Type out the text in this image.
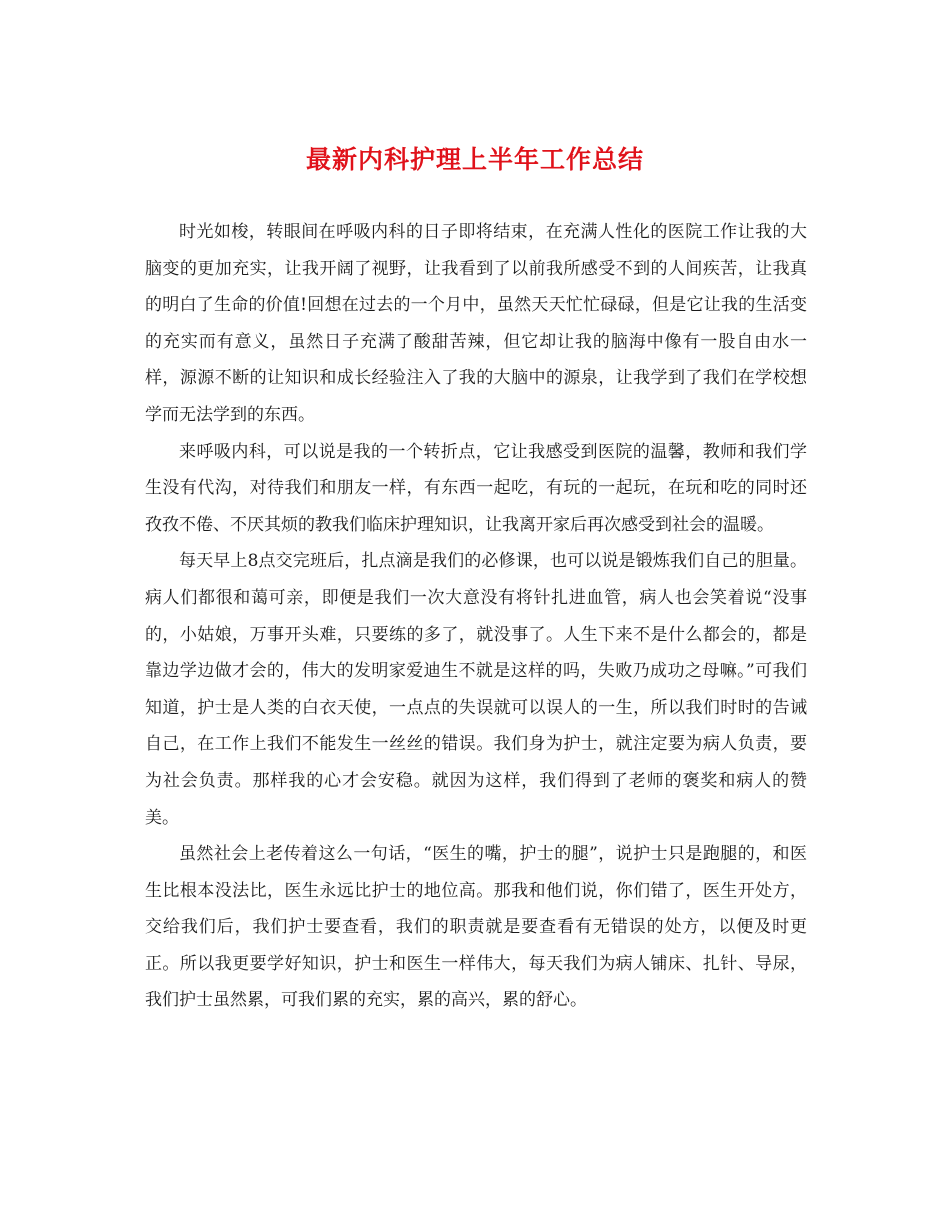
最新内科护理上半年工作总结

时光如梭，转眼间在呼吸内科的日子即将结束，在充满人性化的医院工作让我的大脑变的更加充实，让我开阔了视野，让我看到了以前我所感受不到的人间疾苦，让我真的明白了生命的价值!回想在过去的一个月中，虽然天天忙忙碌碌，但是它让我的生活变的充实而有意义，虽然日子充满了酸甜苦辣，但它却让我的脑海中像有一股自由水一样，源源不断的让知识和成长经验注入了我的大脑中的源泉，让我学到了我们在学校想学而无法学到的东西。

来呼吸内科，可以说是我的一个转折点，它让我感受到医院的温馨，教师和我们学生没有代沟，对待我们和朋友一样，有东西一起吃，有玩的一起玩，在玩和吃的同时还孜孜不倦、不厌其烦的教我们临床护理知识，让我离开家后再次感受到社会的温暖。

每天早上8点交完班后，扎点滴是我们的必修课，也可以说是锻炼我们自己的胆量。病人们都很和蔼可亲，即便是我们一次大意没有将针扎进血管，病人也会笑着说“没事的，小姑娘，万事开头难，只要练的多了，就没事了。人生下来不是什么都会的，都是靠边学边做才会的，伟大的发明家爱迪生不就是这样的吗，失败乃成功之母嘛。”可我们知道，护士是人类的白衣天使，一点点的失误就可以误人的一生，所以我们时时的告诫自己，在工作上我们不能发生一丝丝的错误。我们身为护士，就注定要为病人负责，要为社会负责。那样我的心才会安稳。就因为这样，我们得到了老师的褒奖和病人的赞美。

虽然社会上老传着这么一句话，“医生的嘴，护士的腿”，说护士只是跑腿的，和医生比根本没法比，医生永远比护士的地位高。那我和他们说，你们错了，医生开处方，交给我们后，我们护士要查看，我们的职责就是要查看有无错误的处方，以便及时更正。所以我更要学好知识，护士和医生一样伟大，每天我们为病人铺床、扎针、导尿，我们护士虽然累，可我们累的充实，累的高兴，累的舒心。
